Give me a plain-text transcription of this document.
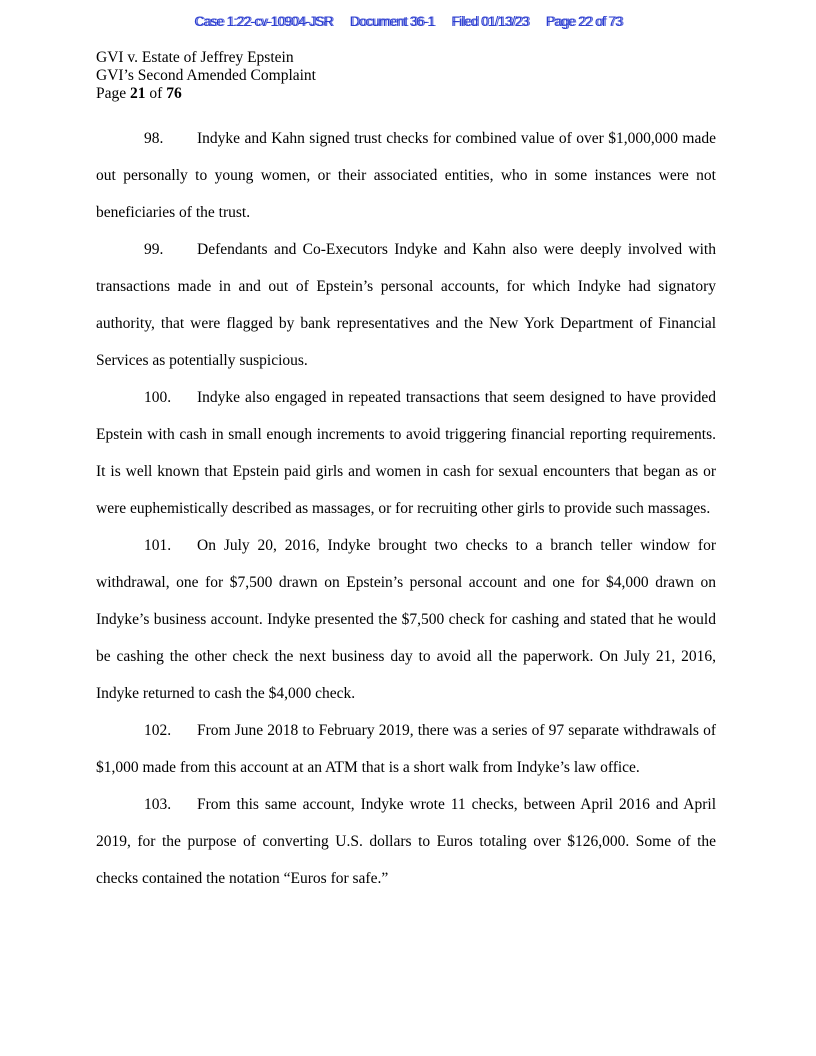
Case 1:22-cv-10904-JSR Case 1:22-cv-10904-JSR Document 36-1 Document 36-1 Filed 01/13/23 Filed 01/13/23 Page 22 of 73 Page 22 of 73
GVI v. Estate of Jeffrey Epstein
GVI’s Second Amended Complaint
Page 21 of 76

98. Indyke and Kahn signed trust checks for combined value of over $1,000,000 made out personally to young women, or their associated entities, who in some instances were not beneficiaries of the trust.

99. Defendants and Co-Executors Indyke and Kahn also were deeply involved with transactions made in and out of Epstein’s personal accounts, for which Indyke had signatory authority, that were flagged by bank representatives and the New York Department of Financial Services as potentially suspicious.

100. Indyke also engaged in repeated transactions that seem designed to have provided Epstein with cash in small enough increments to avoid triggering financial reporting requirements. It is well known that Epstein paid girls and women in cash for sexual encounters that began as or were euphemistically described as massages, or for recruiting other girls to provide such massages.

101. On July 20, 2016, Indyke brought two checks to a branch teller window for withdrawal, one for $7,500 drawn on Epstein’s personal account and one for $4,000 drawn on Indyke’s business account. Indyke presented the $7,500 check for cashing and stated that he would be cashing the other check the next business day to avoid all the paperwork. On July 21, 2016, Indyke returned to cash the $4,000 check.

102. From June 2018 to February 2019, there was a series of 97 separate withdrawals of $1,000 made from this account at an ATM that is a short walk from Indyke’s law office.

103. From this same account, Indyke wrote 11 checks, between April 2016 and April 2019, for the purpose of converting U.S. dollars to Euros totaling over $126,000. Some of the checks contained the notation “Euros for safe.”
